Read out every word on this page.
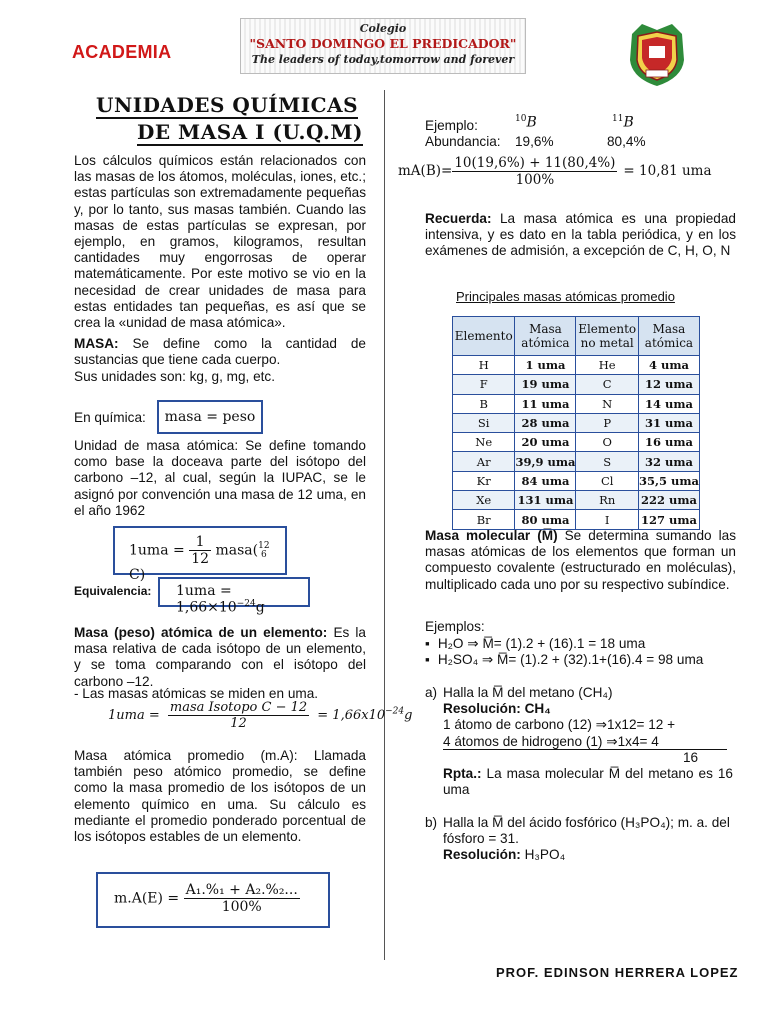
ACADEMIA
Colegio
"SANTO DOMINGO EL PREDICADOR"
The leaders of today,tomorrow and forever
UNIDADES QUÍMICAS
DE MASA I (U.Q.M)
Los cálculos químicos están relacionados con las masas de los átomos, moléculas, iones, etc.; estas partículas son extremadamente pequeñas y, por lo tanto, sus masas también. Cuando las masas de estas partículas se expresan, por ejemplo, en gramos, kilogramos, resultan cantidades muy engorrosas de operar matemáticamente. Por este motivo se vio en la necesidad de crear unidades de masa para estas entidades tan pequeñas, es así que se crea la «unidad de masa atómica».
MASA: Se define como la cantidad de sustancias que tiene cada cuerpo.
Sus unidades son: kg, g, mg, etc.
En química:	masa = peso
Unidad de masa atómica: Se define tomando como base la doceava parte del isótopo del carbono –12, al cual, según la IUPAC, se le asignó por convención una masa de 12 uma, en el año 1962
$1uma = \frac{1}{12}$ masa( 12
6
C)
Equivalencia:	$1uma = 1,66\times 10^{-24}g$
Masa (peso) atómica de un elemento: Es la masa relativa de cada isótopo de un elemento, y se toma comparando con el isótopo del carbono –12.
- Las masas atómicas se miden en uma.
$1uma = \frac{\text{masa Isotopo C − 12}}{12} = 1,66x10^{-24}g$
Masa atómica promedio (m.A): Llamada también peso atómico promedio, se define como la masa promedio de los isótopos de un elemento químico en uma. Su cálculo es mediante el promedio ponderado porcentual de los isótopos estables de un elemento.
$m.A(E) = \frac{\text{A₁.\%₁ + A₂.\%₂...}}{100\%}$
Ejemplo:	$^{10}$B	$^{11}$B
Abundancia: 19,6%	80,4%
$mA(B)= \frac{10(19,6\%) + 11(80,4\%)}{100\%} = 10,81$ uma
Recuerda: La masa atómica es una propiedad intensiva, y es dato en la tabla periódica, y en los exámenes de admisión, a excepción de C, H, O, N
Principales masas atómicas promedio
Elemento	Masa atómica	Elemento no metal	Masa atómica
H	1 uma	He	4 uma
F	19 uma	C	12 uma
B	11 uma	N	14 uma
Si	28 uma	P	31 uma
Ne	20 uma	O	16 uma
Ar	39,9 uma	S	32 uma
Kr	84 uma	Cl	35,5 uma
Xe	131 uma	Rn	222 uma
Br	80 uma	I	127 uma
Masa molecular (M̅) Se determina sumando las masas atómicas de los elementos que forman un compuesto covalente (estructurado en moléculas), multiplicado cada uno por su respectivo subíndice.
Ejemplos:
▪ H₂O ⇒ M̅= (1).2 + (16).1 = 18 uma
▪ H₂SO₄ ⇒ M̅= (1).2 + (32).1+(16).4 = 98 uma
a) Halla la M̅ del metano (CH₄)
Resolución: CH₄
1 átomo de carbono (12) ⇒1x12= 12 +
4 átomos de hidrogeno (1) ⇒1x4= 4
16
Rpta.: La masa molecular M̅ del metano es 16 uma
b) Halla la M̅ del ácido fosfórico (H₃PO₄); m. a. del fósforo = 31.
Resolución: H₃PO₄
PROF. EDINSON HERRERA LOPEZ
